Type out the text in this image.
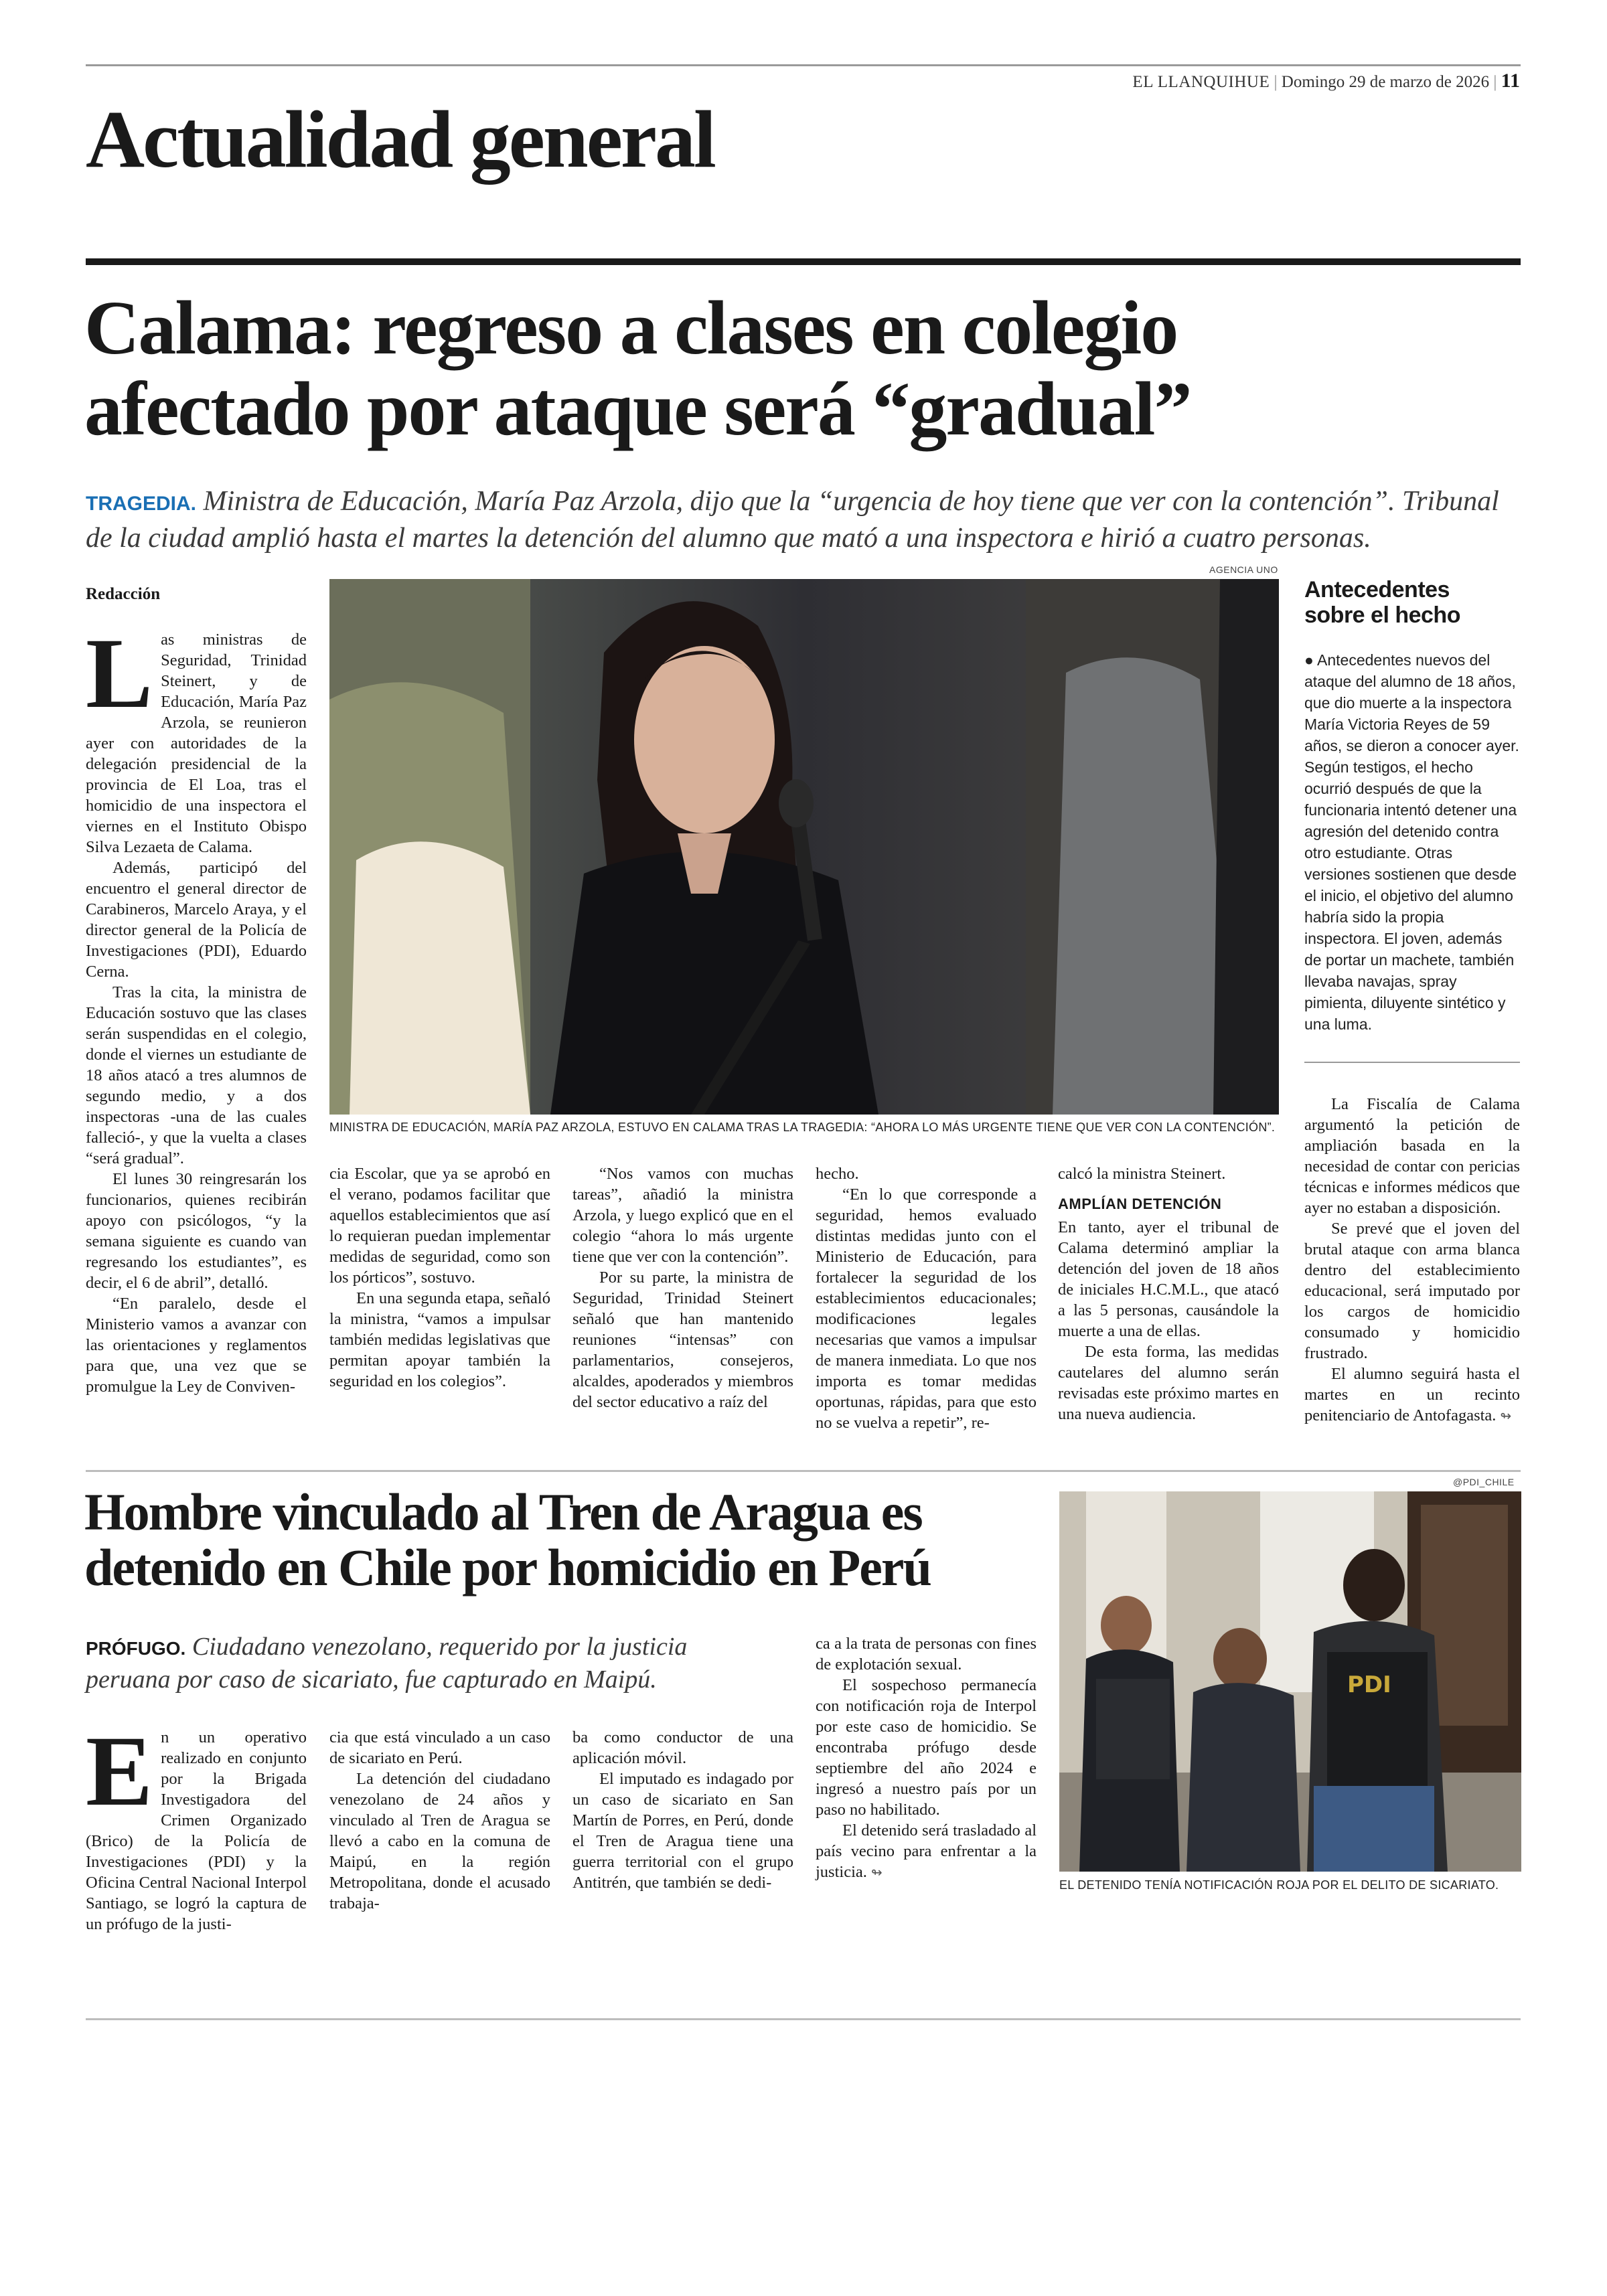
EL LLANQUIHUE | Domingo 29 de marzo de 2026 | 11
Actualidad general
Calama: regreso a clases en colegio
afectado por ataque será “gradual”
TRAGEDIA. Ministra de Educación, María Paz Arzola, dijo que la “urgencia de hoy tiene que ver con la contención”. Tribunal de la ciudad amplió hasta el martes la detención del alumno que mató a una inspectora e hirió a cuatro personas.
Redacción
AGENCIA UNO
MINISTRA DE EDUCACIÓN, MARÍA PAZ ARZOLA, ESTUVO EN CALAMA TRAS LA TRAGEDIA: “AHORA LO MÁS URGENTE TIENE QUE VER CON LA CONTENCIÓN”.
Antecedentes sobre el hecho
● Antecedentes nuevos del ataque del alumno de 18 años, que dio muerte a la inspectora María Victoria Reyes de 59 años, se dieron a conocer ayer. Según testigos, el hecho ocurrió después de que la funcionaria intentó detener una agresión del detenido contra otro estudiante. Otras versiones sostienen que desde el inicio, el objetivo del alumno habría sido la propia inspectora. El joven, además de portar un machete, también llevaba navajas, spray pimienta, diluyente sintético y una luma.
L as ministras de Seguridad, Trinidad Steinert, y de Educación, María Paz Arzola, se reunieron ayer con autoridades de la delegación presidencial de la provincia de El Loa, tras el homicidio de una inspectora el viernes en el Instituto Obispo Silva Lezaeta de Calama.

Además, participó del encuentro el general director de Carabineros, Marcelo Araya, y el director general de la Policía de Investigaciones (PDI), Eduardo Cerna.

Tras la cita, la ministra de Educación sostuvo que las clases serán suspendidas en el colegio, donde el viernes un estudiante de 18 años atacó a tres alumnos de segundo medio, y a dos inspectoras -una de las cuales falleció-, y que la vuelta a clases “será gradual”.

El lunes 30 reingresarán los funcionarios, quienes recibirán apoyo con psicólogos, “y la semana siguiente es cuando van regresando los estudiantes”, es decir, el 6 de abril”, detalló.

“En paralelo, desde el Ministerio vamos a avanzar con las orientaciones y reglamentos para que, una vez que se promulgue la Ley de Conviven-

cia Escolar, que ya se aprobó en el verano, podamos facilitar que aquellos establecimientos que así lo requieran puedan implementar medidas de seguridad, como son los pórticos”, sostuvo.

En una segunda etapa, señaló la ministra, “vamos a impulsar también medidas legislativas que permitan apoyar también la seguridad en los colegios”.

“Nos vamos con muchas tareas”, añadió la ministra Arzola, y luego explicó que en el colegio “ahora lo más urgente tiene que ver con la contención”.

Por su parte, la ministra de Seguridad, Trinidad Steinert señaló que han mantenido reuniones “intensas” con parlamentarios, consejeros, alcaldes, apoderados y miembros del sector educativo a raíz del

hecho.

“En lo que corresponde a seguridad, hemos evaluado distintas medidas junto con el Ministerio de Educación, para fortalecer la seguridad de los establecimientos educacionales; modificaciones legales necesarias que vamos a impulsar de manera inmediata. Lo que nos importa es tomar medidas oportunas, rápidas, para que esto no se vuelva a repetir”, re-

calcó la ministra Steinert.

AMPLÍAN DETENCIÓN

En tanto, ayer el tribunal de Calama determinó ampliar la detención del joven de 18 años de iniciales H.C.M.L., que atacó a las 5 personas, causándole la muerte a una de ellas.

De esta forma, las medidas cautelares del alumno serán revisadas este próximo martes en una nueva audiencia.

La Fiscalía de Calama argumentó la petición de ampliación basada en la necesidad de contar con pericias técnicas e informes médicos que ayer no estaban a disposición.

Se prevé que el joven del brutal ataque con arma blanca dentro del establecimiento educacional, será imputado por los cargos de homicidio consumado y homicidio frustrado.

El alumno seguirá hasta el martes en un recinto penitenciario de Antofagasta. ↬

Hombre vinculado al Tren de Aragua es
detenido en Chile por homicidio en Perú
PRÓFUGO. Ciudadano venezolano, requerido por la justicia peruana por caso de sicariato, fue capturado en Maipú.
E n un operativo realizado en conjunto por la Brigada Investigadora del Crimen Organizado (Brico) de la Policía de Investigaciones (PDI) y la Oficina Central Nacional Interpol Santiago, se logró la captura de un prófugo de la justi-

cia que está vinculado a un caso de sicariato en Perú.

La detención del ciudadano venezolano de 24 años y vinculado al Tren de Aragua se llevó a cabo en la comuna de Maipú, en la región Metropolitana, donde el acusado trabaja-

ba como conductor de una aplicación móvil.

El imputado es indagado por un caso de sicariato en San Martín de Porres, en Perú, donde el Tren de Aragua tiene una guerra territorial con el grupo Antitrén, que también se dedi-

ca a la trata de personas con fines de explotación sexual.

El sospechoso permanecía con notificación roja de Interpol por este caso de homicidio. Se encontraba prófugo desde septiembre del año 2024 e ingresó a nuestro país por un paso no habilitado.

El detenido será trasladado al país vecino para enfrentar a la justicia. ↬

@PDI_CHILE
PDI
EL DETENIDO TENÍA NOTIFICACIÓN ROJA POR EL DELITO DE SICARIATO.
